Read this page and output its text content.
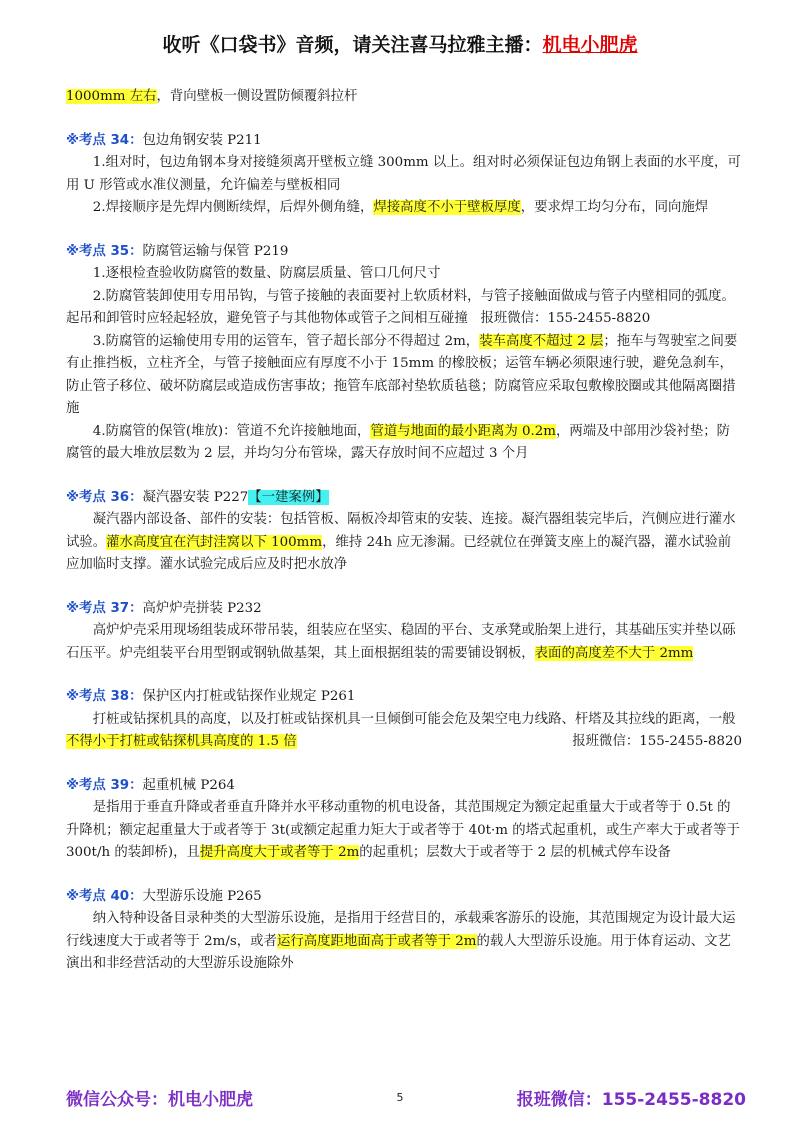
收听《口袋书》音频，请关注喜马拉雅主播：机电小肥虎

1000mm 左右，背向壁板一侧设置防倾覆斜拉杆

※考点 34：包边角钢安装 P211

1.组对时，包边角钢本身对接缝须离开壁板立缝 300mm 以上。组对时必须保证包边角钢上表面的水平度，可用 U 形管或水准仪测量，允许偏差与壁板相同

2.焊接顺序是先焊内侧断续焊，后焊外侧角缝，焊接高度不小于壁板厚度，要求焊工均匀分布，同向施焊

※考点 35：防腐管运输与保管 P219

1.逐根检查验收防腐管的数量、防腐层质量、管口几何尺寸

2.防腐管装卸使用专用吊钩，与管子接触的表面要衬上软质材料，与管子接触面做成与管子内壁相同的弧度。起吊和卸管时应轻起轻放，避免管子与其他物体或管子之间相互碰撞 报班微信：155-2455-8820

3.防腐管的运输使用专用的运管车，管子超长部分不得超过 2m，装车高度不超过 2 层；拖车与驾驶室之间要有止推挡板，立柱齐全，与管子接触面应有厚度不小于 15mm 的橡胶板；运管车辆必须限速行驶，避免急刹车，防止管子移位、破坏防腐层或造成伤害事故；拖管车底部衬垫软质毡毯；防腐管应采取包敷橡胶圈或其他隔离圈措施

4.防腐管的保管(堆放)：管道不允许接触地面，管道与地面的最小距离为 0.2m，两端及中部用沙袋衬垫；防腐管的最大堆放层数为 2 层，并均匀分布管垛，露天存放时间不应超过 3 个月

※考点 36：凝汽器安装 P227【一建案例】

凝汽器内部设备、部件的安装：包括管板、隔板冷却管束的安装、连接。凝汽器组装完毕后，汽侧应进行灌水试验。灌水高度宜在汽封洼窝以下 100mm，维持 24h 应无渗漏。已经就位在弹簧支座上的凝汽器，灌水试验前应加临时支撑。灌水试验完成后应及时把水放净

※考点 37：高炉炉壳拼装 P232

高炉炉壳采用现场组装成环带吊装，组装应在坚实、稳固的平台、支承凳或胎架上进行，其基础压实并垫以砾石压平。炉壳组装平台用型钢或钢轨做基架，其上面根据组装的需要铺设钢板，表面的高度差不大于 2mm

※考点 38：保护区内打桩或钻探作业规定 P261

打桩或钻探机具的高度，以及打桩或钻探机具一旦倾倒可能会危及架空电力线路、杆塔及其拉线的距离，一般不得小于打桩或钻探机具高度的 1.5 倍	报班微信：155-2455-8820

※考点 39：起重机械 P264

是指用于垂直升降或者垂直升降并水平移动重物的机电设备，其范围规定为额定起重量大于或者等于 0.5t 的升降机；额定起重量大于或者等于 3t(或额定起重力矩大于或者等于 40t·m 的塔式起重机，或生产率大于或者等于 300t/h 的装卸桥)，且提升高度大于或者等于 2m的起重机；层数大于或者等于 2 层的机械式停车设备

※考点 40：大型游乐设施 P265

纳入特种设备目录种类的大型游乐设施，是指用于经营目的，承载乘客游乐的设施，其范围规定为设计最大运行线速度大于或者等于 2m/s，或者运行高度距地面高于或者等于 2m的载人大型游乐设施。用于体育运动、文艺演出和非经营活动的大型游乐设施除外

微信公众号：机电小肥虎	5	报班微信：155-2455-8820
